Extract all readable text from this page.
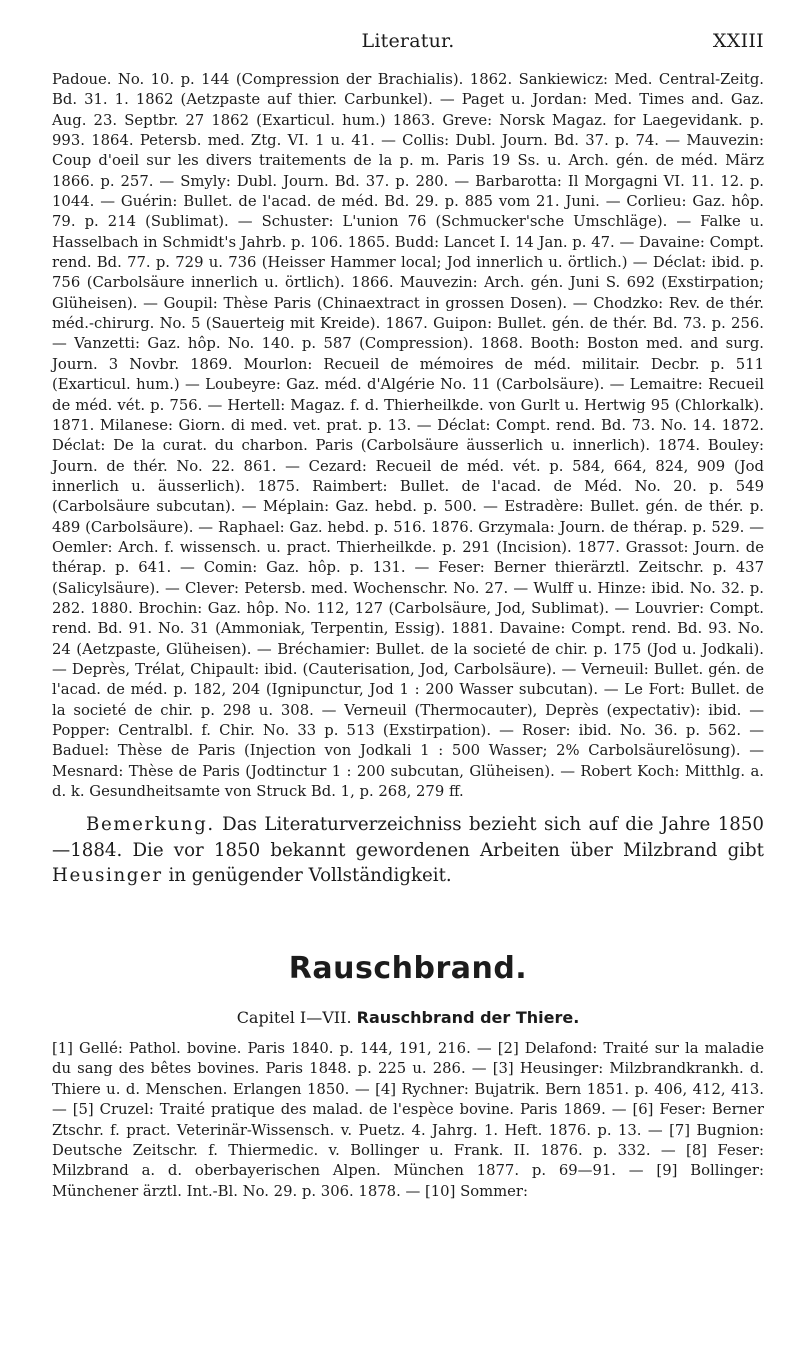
Literatur.	XXIII

Padoue. No. 10. p. 144 (Compression der Brachialis). 1862. Sankiewicz: Med. Central-Zeitg. Bd. 31. 1. 1862 (Aetzpaste auf thier. Carbunkel). — Paget u. Jordan: Med. Times and. Gaz. Aug. 23. Septbr. 27 1862 (Exarticul. hum.) 1863. Greve: Norsk Magaz. for Laegevidank. p. 993. 1864. Petersb. med. Ztg. VI. 1 u. 41. — Collis: Dubl. Journ. Bd. 37. p. 74. — Mauvezin: Coup d'oeil sur les divers traitements de la p. m. Paris 19 Ss. u. Arch. gén. de méd. März 1866. p. 257. — Smyly: Dubl. Journ. Bd. 37. p. 280. — Barbarotta: Il Morgagni VI. 11. 12. p. 1044. — Guérin: Bullet. de l'acad. de méd. Bd. 29. p. 885 vom 21. Juni. — Corlieu: Gaz. hôp. 79. p. 214 (Sublimat). — Schuster: L'union 76 (Schmucker'sche Umschläge). — Falke u. Hasselbach in Schmidt's Jahrb. p. 106. 1865. Budd: Lancet I. 14 Jan. p. 47. — Davaine: Compt. rend. Bd. 77. p. 729 u. 736 (Heisser Hammer local; Jod innerlich u. örtlich.) — Déclat: ibid. p. 756 (Carbolsäure innerlich u. örtlich). 1866. Mauvezin: Arch. gén. Juni S. 692 (Exstirpation; Glüheisen). — Goupil: Thèse Paris (Chinaextract in grossen Dosen). — Chodzko: Rev. de thér. méd.-chirurg. No. 5 (Sauerteig mit Kreide). 1867. Guipon: Bullet. gén. de thér. Bd. 73. p. 256. — Vanzetti: Gaz. hôp. No. 140. p. 587 (Compression). 1868. Booth: Boston med. and surg. Journ. 3 Novbr. 1869. Mourlon: Recueil de mémoires de méd. militair. Decbr. p. 511 (Exarticul. hum.) — Loubeyre: Gaz. méd. d'Algérie No. 11 (Carbolsäure). — Lemaitre: Recueil de méd. vét. p. 756. — Hertell: Magaz. f. d. Thierheilkde. von Gurlt u. Hertwig 95 (Chlorkalk). 1871. Milanese: Giorn. di med. vet. prat. p. 13. — Déclat: Compt. rend. Bd. 73. No. 14. 1872. Déclat: De la curat. du charbon. Paris (Carbolsäure äusserlich u. innerlich). 1874. Bouley: Journ. de thér. No. 22. 861. — Cezard: Recueil de méd. vét. p. 584, 664, 824, 909 (Jod innerlich u. äusserlich). 1875. Raimbert: Bullet. de l'acad. de Méd. No. 20. p. 549 (Carbolsäure subcutan). — Méplain: Gaz. hebd. p. 500. — Estradère: Bullet. gén. de thér. p. 489 (Carbolsäure). — Raphael: Gaz. hebd. p. 516. 1876. Grzymala: Journ. de thérap. p. 529. — Oemler: Arch. f. wissensch. u. pract. Thierheilkde. p. 291 (Incision). 1877. Grassot: Journ. de thérap. p. 641. — Comin: Gaz. hôp. p. 131. — Feser: Berner thierärztl. Zeitschr. p. 437 (Salicylsäure). — Clever: Petersb. med. Wochenschr. No. 27. — Wulff u. Hinze: ibid. No. 32. p. 282. 1880. Brochin: Gaz. hôp. No. 112, 127 (Carbolsäure, Jod, Sublimat). — Louvrier: Compt. rend. Bd. 91. No. 31 (Ammoniak, Terpentin, Essig). 1881. Davaine: Compt. rend. Bd. 93. No. 24 (Aetzpaste, Glüheisen). — Bréchamier: Bullet. de la societé de chir. p. 175 (Jod u. Jodkali). — Deprès, Trélat, Chipault: ibid. (Cauterisation, Jod, Carbolsäure). — Verneuil: Bullet. gén. de l'acad. de méd. p. 182, 204 (Ignipunctur, Jod 1 : 200 Wasser subcutan). — Le Fort: Bullet. de la societé de chir. p. 298 u. 308. — Verneuil (Thermocauter), Deprès (expectativ): ibid. — Popper: Centralbl. f. Chir. No. 33 p. 513 (Exstirpation). — Roser: ibid. No. 36. p. 562. — Baduel: Thèse de Paris (Injection von Jodkali 1 : 500 Wasser; 2% Carbolsäurelösung). — Mesnard: Thèse de Paris (Jodtinctur 1 : 200 subcutan, Glüheisen). — Robert Koch: Mitthlg. a. d. k. Gesundheitsamte von Struck Bd. 1, p. 268, 279 ff.

Bemerkung. Das Literaturverzeichniss bezieht sich auf die Jahre 1850—1884. Die vor 1850 bekannt gewordenen Arbeiten über Milzbrand gibt Heusinger in genügender Vollständigkeit.

Rauschbrand.
Capitel I—VII. Rauschbrand der Thiere.

[1] Gellé: Pathol. bovine. Paris 1840. p. 144, 191, 216. — [2] Delafond: Traité sur la maladie du sang des bêtes bovines. Paris 1848. p. 225 u. 286. — [3] Heusinger: Milzbrandkrankh. d. Thiere u. d. Menschen. Erlangen 1850. — [4] Rychner: Bujatrik. Bern 1851. p. 406, 412, 413. — [5] Cruzel: Traité pratique des malad. de l'espèce bovine. Paris 1869. — [6] Feser: Berner Ztschr. f. pract. Veterinär-Wissensch. v. Puetz. 4. Jahrg. 1. Heft. 1876. p. 13. — [7] Bugnion: Deutsche Zeitschr. f. Thiermedic. v. Bollinger u. Frank. II. 1876. p. 332. — [8] Feser: Milzbrand a. d. oberbayerischen Alpen. München 1877. p. 69—91. — [9] Bollinger: Münchener ärztl. Int.-Bl. No. 29. p. 306. 1878. — [10] Sommer:
